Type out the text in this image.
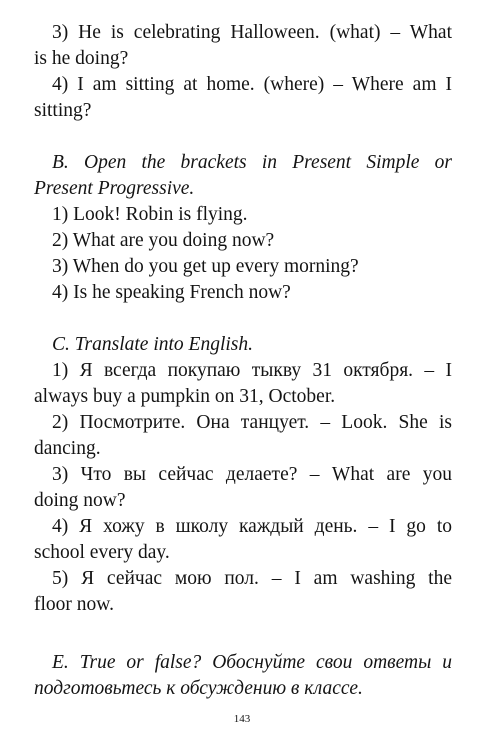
3) He is celebrating Halloween. (what) – What
is he doing?
4) I am sitting at home. (where) – Where am I
sitting?
B. Open the brackets in Present Simple or
Present Progressive.
1) Look! Robin is flying.
2) What are you doing now?
3) When do you get up every morning?
4) Is he speaking French now?
C. Translate into English.
1) Я всегда покупаю тыкву 31 октября. – I
always buy a pumpkin on 31, October.
2) Посмотрите. Она танцует. – Look. She is
dancing.
3) Что вы сейчас делаете? – What are you
doing now?
4) Я хожу в школу каждый день. – I go to
school every day.
5) Я сейчас мою пол. – I am washing the
floor now.
E. True or false? Обоснуйте свои ответы и
подготовьтесь к обсуждению в классе.
143
